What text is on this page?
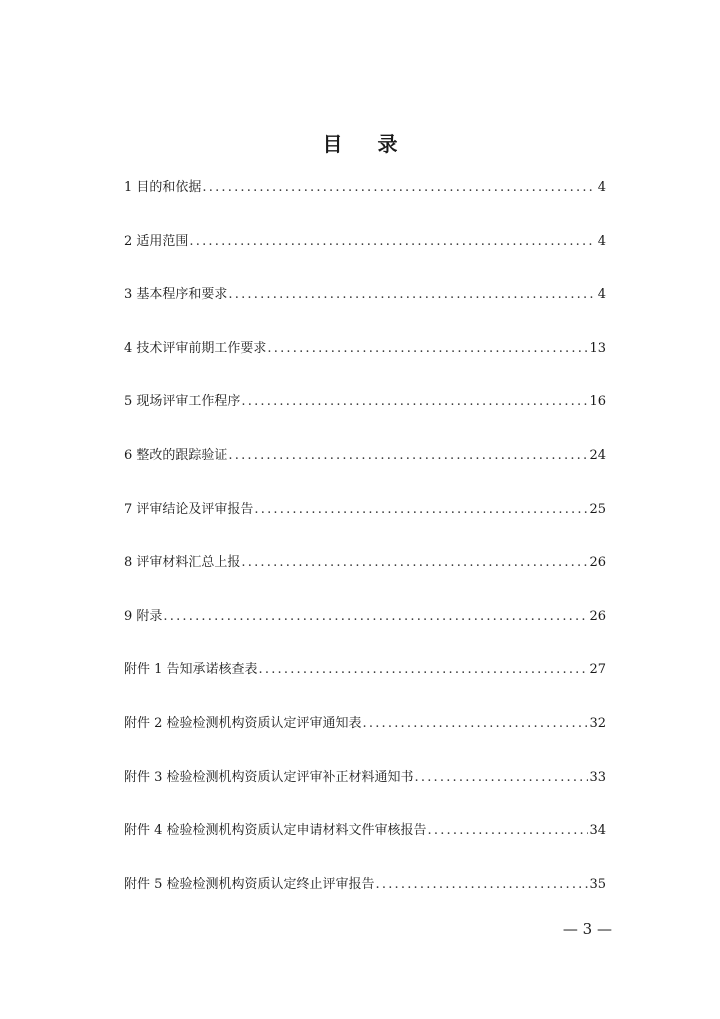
目 录
1 目的和依据 .....	4
2 适用范围 .....	4
3 基本程序和要求 .....	4
4 技术评审前期工作要求 .....	13
5 现场评审工作程序 .....	16
6 整改的跟踪验证 .....	24
7 评审结论及评审报告 .....	25
8 评审材料汇总上报 .....	26
9 附录 .....	26
附件 1 告知承诺核查表 .....	27
附件 2 检验检测机构资质认定评审通知表 .....	32
附件 3 检验检测机构资质认定评审补正材料通知书 .....	33
附件 4 检验检测机构资质认定申请材料文件审核报告 .....	34
附件 5 检验检测机构资质认定终止评审报告 .....	35
— 3 —
